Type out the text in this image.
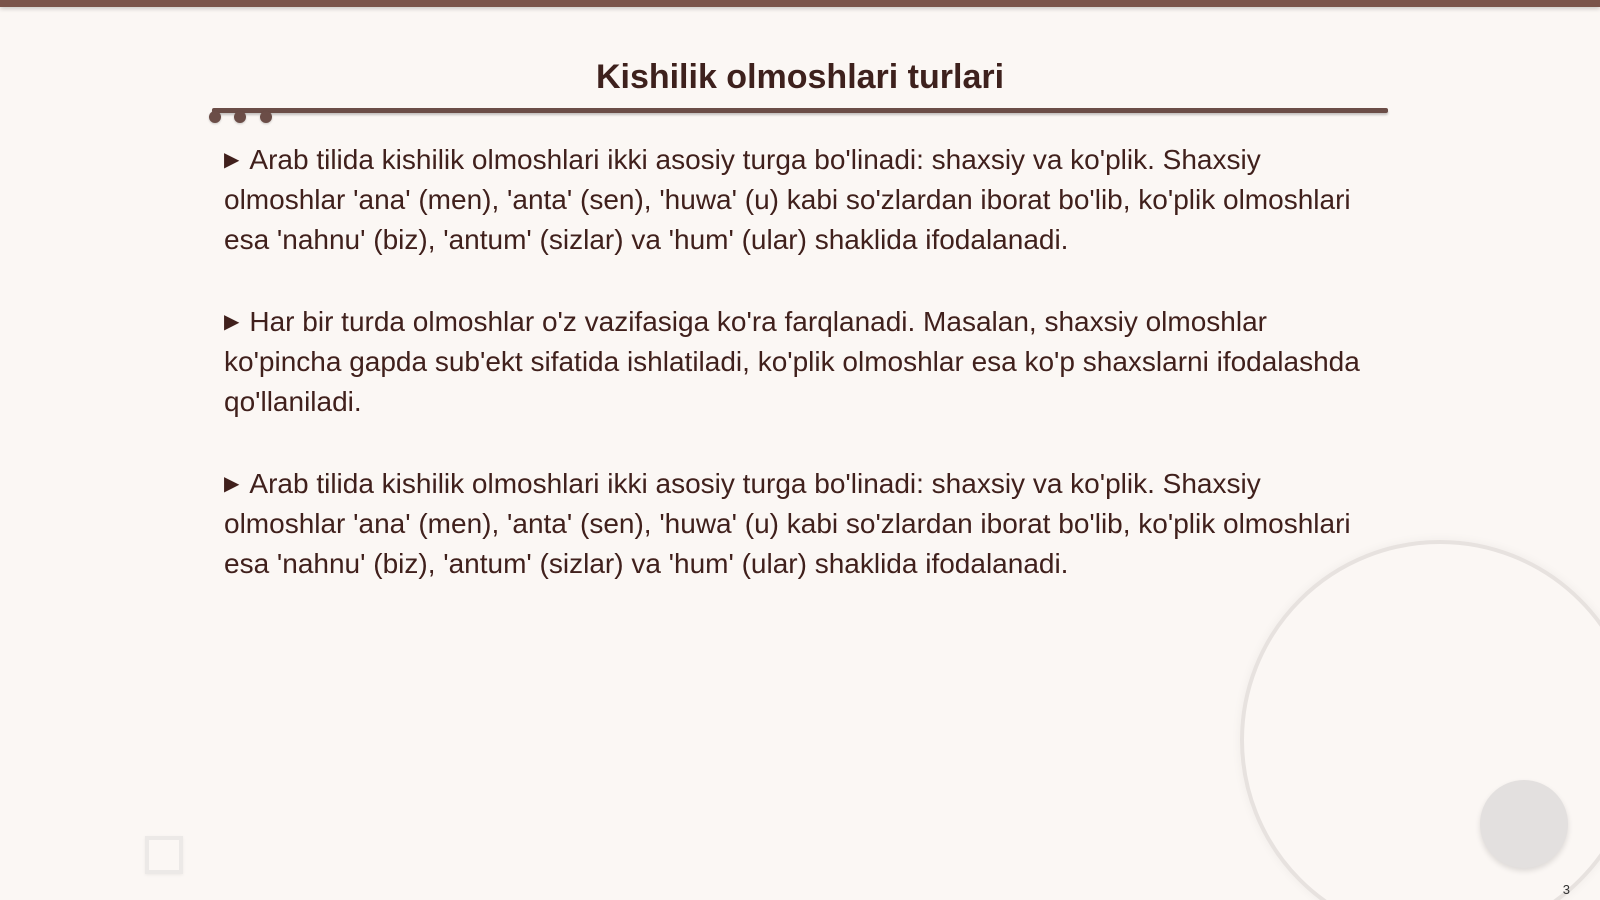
Kishilik olmoshlari turlari

▶ Arab tilida kishilik olmoshlari ikki asosiy turga bo'linadi: shaxsiy va ko'plik. Shaxsiy olmoshlar 'ana' (men), 'anta' (sen), 'huwa' (u) kabi so'zlardan iborat bo'lib, ko'plik olmoshlari esa 'nahnu' (biz), 'antum' (sizlar) va 'hum' (ular) shaklida ifodalanadi.

▶ Har bir turda olmoshlar o'z vazifasiga ko'ra farqlanadi. Masalan, shaxsiy olmoshlar ko'pincha gapda sub'ekt sifatida ishlatiladi, ko'plik olmoshlar esa ko'p shaxslarni ifodalashda qo'llaniladi.

▶ Arab tilida kishilik olmoshlari ikki asosiy turga bo'linadi: shaxsiy va ko'plik. Shaxsiy olmoshlar 'ana' (men), 'anta' (sen), 'huwa' (u) kabi so'zlardan iborat bo'lib, ko'plik olmoshlari esa 'nahnu' (biz), 'antum' (sizlar) va 'hum' (ular) shaklida ifodalanadi.

3
